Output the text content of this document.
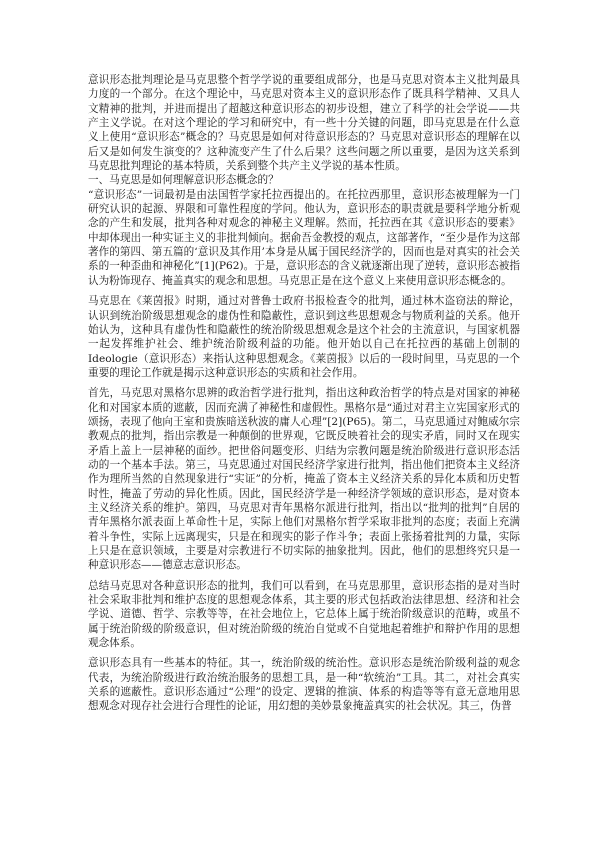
意识形态批判理论是马克思整个哲学学说的重要组成部分，也是马克思对资本主义批判最具力度的一个部分。在这个理论中，马克思对资本主义的意识形态作了既具科学精神、又具人文精神的批判，并进而提出了超越这种意识形态的初步设想，建立了科学的社会学说——共产主义学说。在对这个理论的学习和研究中，有一些十分关键的问题，即马克思是在什么意义上使用“意识形态”概念的？马克思是如何对待意识形态的？马克思对意识形态的理解在以后又是如何发生演变的？这种流变产生了什么后果？这些问题之所以重要，是因为这关系到马克思批判理论的基本特质，关系到整个共产主义学说的基本性质。

一、马克思是如何理解意识形态概念的？

“意识形态”一词最初是由法国哲学家托拉西提出的。在托拉西那里，意识形态被理解为一门研究认识的起源、界限和可靠性程度的学问。他认为，意识形态的职责就是要科学地分析观念的产生和发展，批判各种对观念的神秘主义理解。然而，托拉西在其《意识形态的要素》中却体现出一种实证主义的非批判倾向。据俞吾金教授的观点，这部著作，“至少是作为这部著作的第四、第五篇的‘意识及其作用’本身是从属于国民经济学的，因而也是对真实的社会关系的一种歪曲和神秘化”[1](P62)。于是，意识形态的含义就逐渐出现了逆转，意识形态被指认为粉饰现存、掩盖真实的观念和思想。马克思正是在这个意义上来使用意识形态概念的。

马克思在《莱茵报》时期，通过对普鲁士政府书报检查令的批判，通过林木盗窃法的辩论，认识到统治阶级思想观念的虚伪性和隐蔽性，意识到这些思想观念与物质利益的关系。他开始认为，这种具有虚伪性和隐蔽性的统治阶级思想观念是这个社会的主流意识，与国家机器一起发挥维护社会、维护统治阶级利益的功能。他开始以自己在托拉西的基础上创制的Ideologie（意识形态）来指认这种思想观念。《莱茵报》以后的一段时间里，马克思的一个重要的理论工作就是揭示这种意识形态的实质和社会作用。

首先，马克思对黑格尔思辨的政治哲学进行批判，指出这种政治哲学的特点是对国家的神秘化和对国家本质的遮蔽，因而充满了神秘性和虚假性。黑格尔是“通过对君主立宪国家形式的颂扬，表现了他向王室和贵族暗送秋波的庸人心理”[2](P65)。第二，马克思通过对鲍威尔宗教观点的批判，指出宗教是一种颠倒的世界观，它既反映着社会的现实矛盾，同时又在现实矛盾上盖上一层神秘的面纱。把世俗问题变形、归结为宗教问题是统治阶级进行意识形态活动的一个基本手法。第三，马克思通过对国民经济学家进行批判，指出他们把资本主义经济作为理所当然的自然现象进行“实证”的分析，掩盖了资本主义经济关系的异化本质和历史暂时性，掩盖了劳动的异化性质。因此，国民经济学是一种经济学领域的意识形态，是对资本主义经济关系的维护。第四，马克思对青年黑格尔派进行批判，指出以“批判的批判”自居的青年黑格尔派表面上革命性十足，实际上他们对黑格尔哲学采取非批判的态度；表面上充满着斗争性，实际上远离现实，只是在和现实的影子作斗争；表面上张扬着批判的力量，实际上只是在意识领域，主要是对宗教进行不切实际的抽象批判。因此，他们的思想终究只是一种意识形态——德意志意识形态。

总结马克思对各种意识形态的批判，我们可以看到，在马克思那里，意识形态指的是对当时社会采取非批判和维护态度的思想观念体系，其主要的形式包括政治法律思想、经济和社会学说、道德、哲学、宗教等等，在社会地位上，它总体上属于统治阶级意识的范畴，或虽不属于统治阶级的阶级意识，但对统治阶级的统治自觉或不自觉地起着维护和辩护作用的思想观念体系。

意识形态具有一些基本的特征。其一，统治阶级的统治性。意识形态是统治阶级利益的观念代表，为统治阶级进行政治统治服务的思想工具，是一种“软统治”工具。其二，对社会真实关系的遮蔽性。意识形态通过“公理”的设定、逻辑的推演、体系的构造等等有意无意地用思想观念对现存社会进行合理性的论证，用幻想的美妙景象掩盖真实的社会状况。其三，伪普
